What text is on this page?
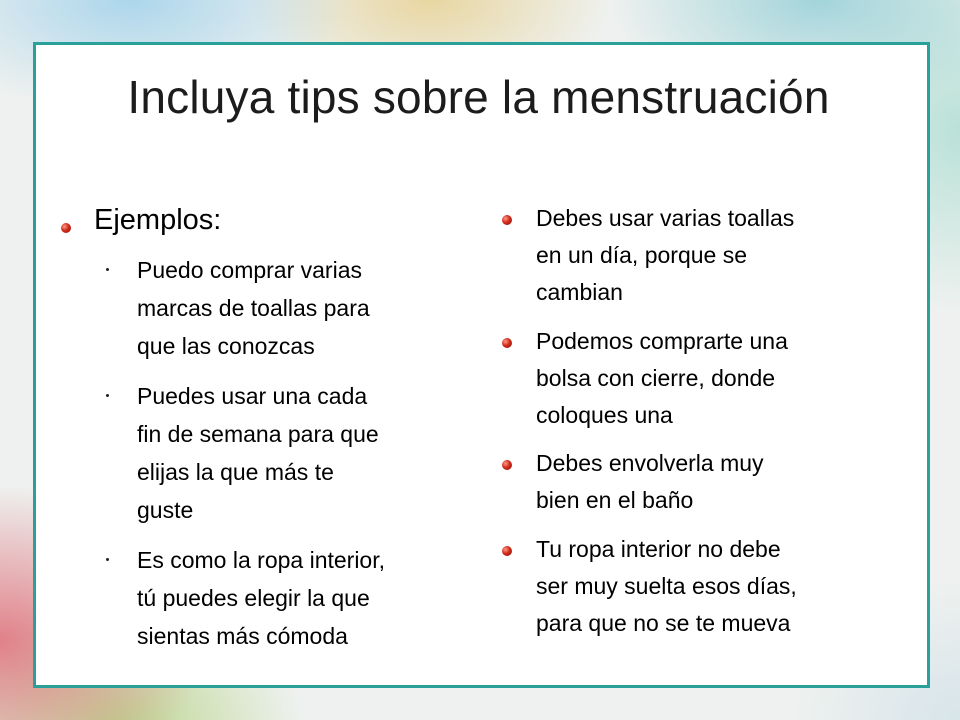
Incluya tips sobre la menstruación
Ejemplos:
Puedo comprar varias
marcas de toallas para
que las conozcas
Puedes usar una cada
fin de semana para que
elijas la que más te
guste
Es como la ropa interior,
tú puedes elegir la que
sientas más cómoda
Debes usar varias toallas
en un día, porque se
cambian
Podemos comprarte una
bolsa con cierre, donde
coloques una
Debes envolverla muy
bien en el baño
Tu ropa interior no debe
ser muy suelta esos días,
para que no se te mueva
